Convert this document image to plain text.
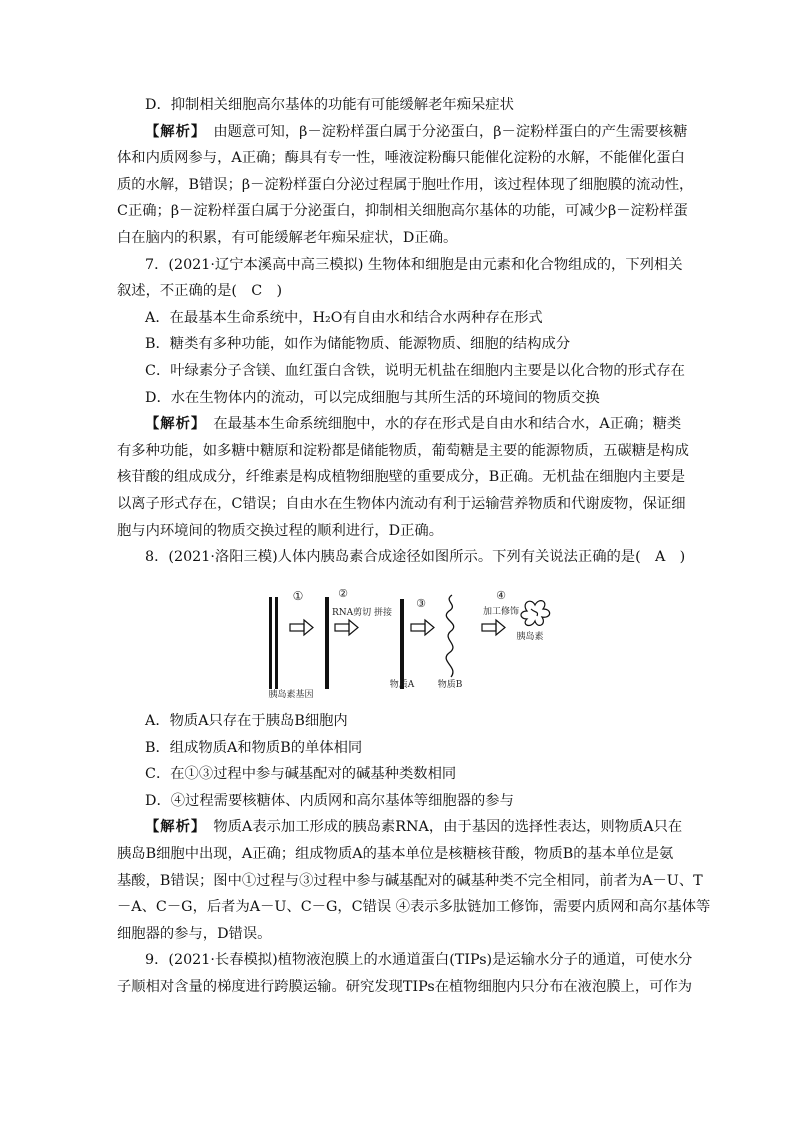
D．抑制相关细胞高尔基体的功能有可能缓解老年痴呆症状
【解析】　由题意可知，β－淀粉样蛋白属于分泌蛋白，β－淀粉样蛋白的产生需要核糖
体和内质网参与，A正确；酶具有专一性，唾液淀粉酶只能催化淀粉的水解，不能催化蛋白
质的水解，B错误；β－淀粉样蛋白分泌过程属于胞吐作用，该过程体现了细胞膜的流动性，
C正确；β－淀粉样蛋白属于分泌蛋白，抑制相关细胞高尔基体的功能，可减少β－淀粉样蛋
白在脑内的积累，有可能缓解老年痴呆症状，D正确。
7．(2021·辽宁本溪高中高三模拟) 生物体和细胞是由元素和化合物组成的，下列相关
叙述，不正确的是(　C　)
A．在最基本生命系统中，H₂O有自由水和结合水两种存在形式
B．糖类有多种功能，如作为储能物质、能源物质、细胞的结构成分
C．叶绿素分子含镁、血红蛋白含铁，说明无机盐在细胞内主要是以化合物的形式存在
D．水在生物体内的流动，可以完成细胞与其所生活的环境间的物质交换
【解析】　在最基本生命系统细胞中，水的存在形式是自由水和结合水，A正确；糖类
有多种功能，如多糖中糖原和淀粉都是储能物质，葡萄糖是主要的能源物质，五碳糖是构成
核苷酸的组成成分，纤维素是构成植物细胞壁的重要成分，B正确。无机盐在细胞内主要是
以离子形式存在，C错误；自由水在生物体内流动有利于运输营养物质和代谢废物，保证细
胞与内环境间的物质交换过程的顺利进行，D正确。
8．(2021·洛阳三模)人体内胰岛素合成途径如图所示。下列有关说法正确的是(　A　)
①	②
RNA剪切 拼接
③
④
加工修饰
胰岛素
胰岛素基因
物质A	物质B
A．物质A只存在于胰岛B细胞内
B．组成物质A和物质B的单体相同
C．在①③过程中参与碱基配对的碱基种类数相同
D．④过程需要核糖体、内质网和高尔基体等细胞器的参与
【解析】　物质A表示加工形成的胰岛素RNA，由于基因的选择性表达，则物质A只在
胰岛B细胞中出现，A正确；组成物质A的基本单位是核糖核苷酸，物质B的基本单位是氨
基酸，B错误；图中①过程与③过程中参与碱基配对的碱基种类不完全相同，前者为A－U、T
－A、C－G，后者为A－U、C－G，C错误 ④表示多肽链加工修饰，需要内质网和高尔基体等
细胞器的参与，D错误。
9．(2021·长春模拟)植物液泡膜上的水通道蛋白(TIPs)是运输水分子的通道，可使水分
子顺相对含量的梯度进行跨膜运输。研究发现TIPs在植物细胞内只分布在液泡膜上，可作为
